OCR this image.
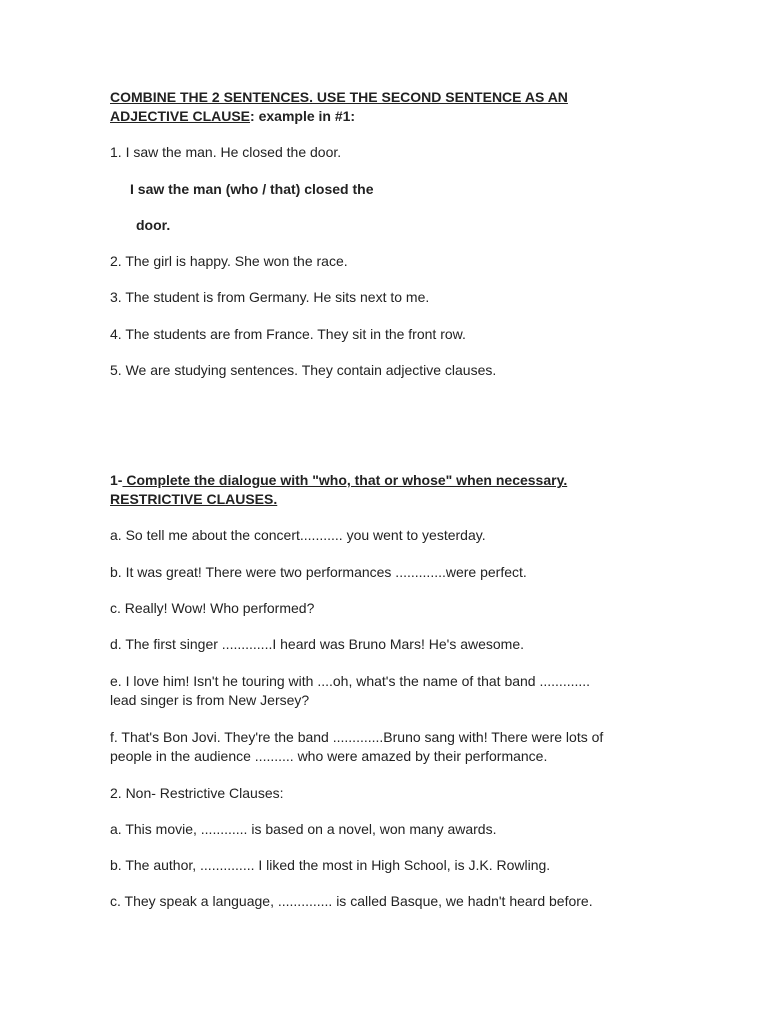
COMBINE THE 2 SENTENCES. USE THE SECOND SENTENCE AS AN
ADJECTIVE CLAUSE: example in #1:
1. I saw the man. He closed the door.
I saw the man (who / that) closed the
door.
2. The girl is happy. She won the race.
3. The student is from Germany. He sits next to me.
4. The students are from France. They sit in the front row.
5. We are studying sentences. They contain adjective clauses.
1- Complete the dialogue with "who, that or whose" when necessary.
RESTRICTIVE CLAUSES.
a. So tell me about the concert........... you went to yesterday.
b. It was great! There were two performances .............were perfect.
c. Really! Wow! Who performed?
d. The first singer .............I heard was Bruno Mars! He's awesome.
e. I love him! Isn't he touring with ....oh, what's the name of that band .............
lead singer is from New Jersey?
f. That's Bon Jovi. They're the band .............Bruno sang with! There were lots of
people in the audience .......... who were amazed by their performance.
2. Non- Restrictive Clauses:
a. This movie, ............ is based on a novel, won many awards.
b. The author, .............. I liked the most in High School, is J.K. Rowling.
c. They speak a language, .............. is called Basque, we hadn't heard before.
